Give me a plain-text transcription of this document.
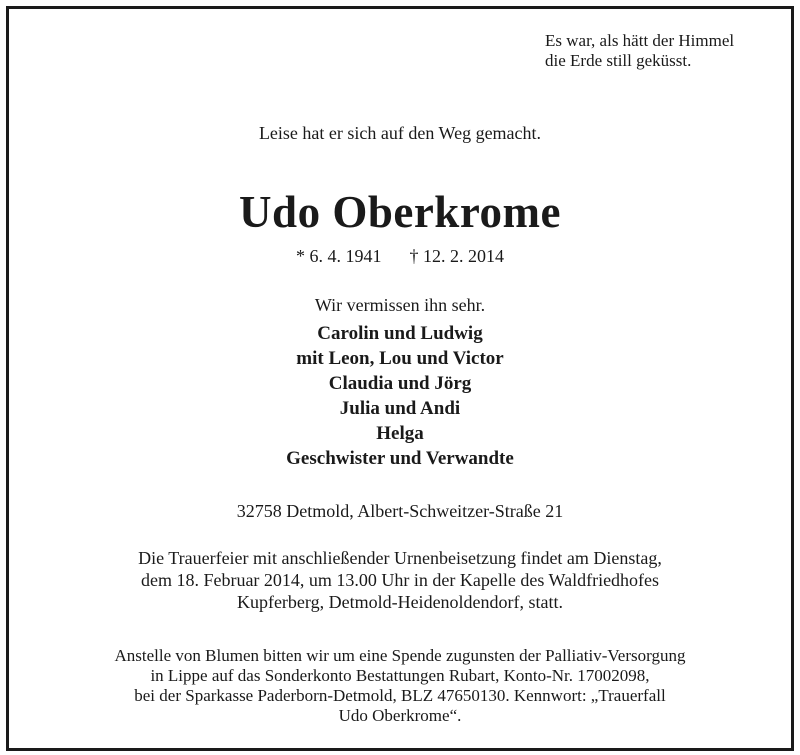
Es war, als hätt der Himmel
die Erde still geküsst.
Leise hat er sich auf den Weg gemacht.
Udo Oberkrome
* 6. 4. 1941 † 12. 2. 2014
Wir vermissen ihn sehr.
Carolin und Ludwig
mit Leon, Lou und Victor
Claudia und Jörg
Julia und Andi
Helga
Geschwister und Verwandte
32758 Detmold, Albert-Schweitzer-Straße 21
Die Trauerfeier mit anschließender Urnenbeisetzung findet am Dienstag,
dem 18. Februar 2014, um 13.00 Uhr in der Kapelle des Waldfriedhofes
Kupferberg, Detmold-Heidenoldendorf, statt.
Anstelle von Blumen bitten wir um eine Spende zugunsten der Palliativ-Versorgung
in Lippe auf das Sonderkonto Bestattungen Rubart, Konto-Nr. 17002098,
bei der Sparkasse Paderborn-Detmold, BLZ 47650130. Kennwort: „Trauerfall
Udo Oberkrome“.
